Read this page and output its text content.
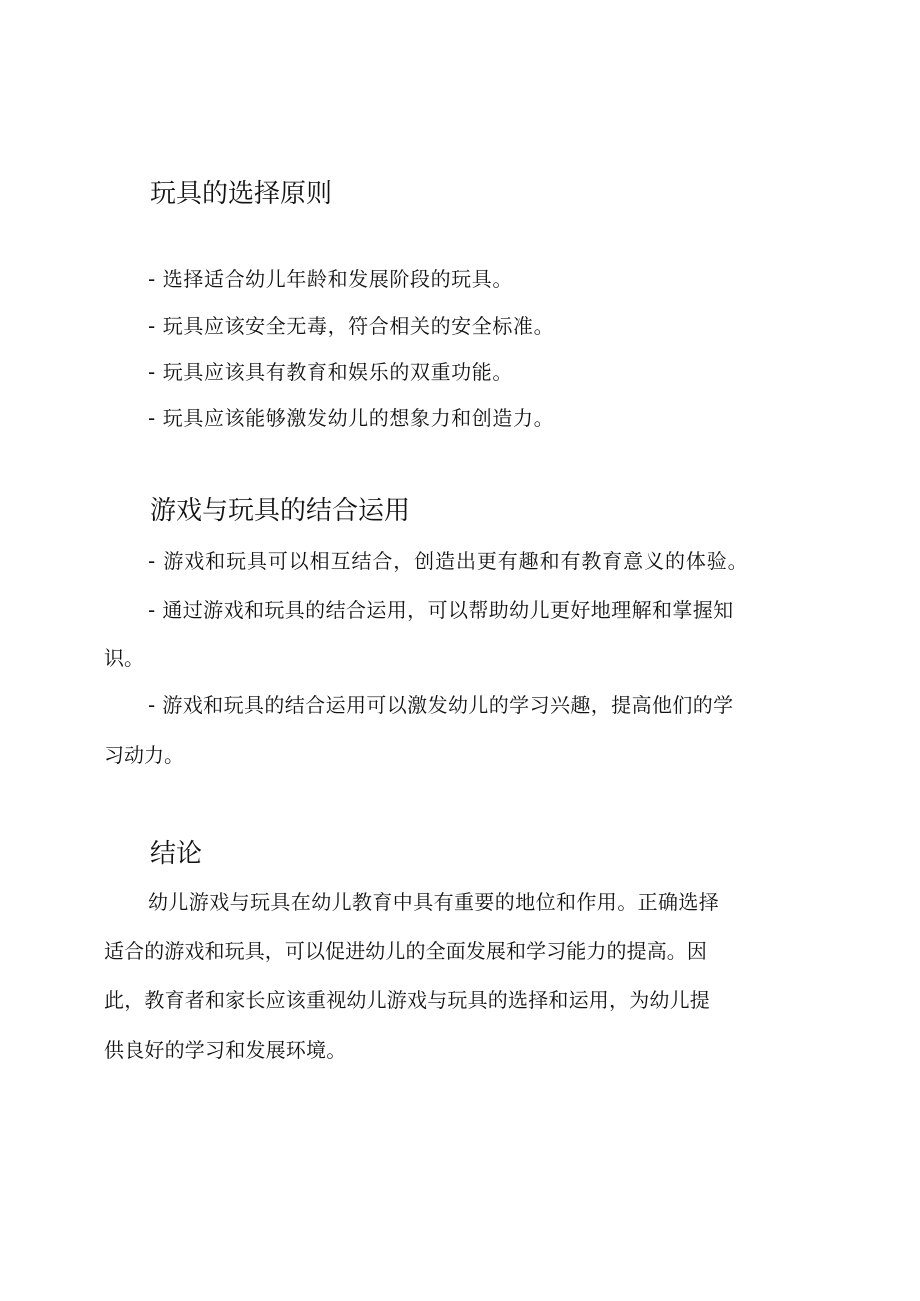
玩具的选择原则
- 选择适合幼儿年龄和发展阶段的玩具。
- 玩具应该安全无毒，符合相关的安全标准。
- 玩具应该具有教育和娱乐的双重功能。
- 玩具应该能够激发幼儿的想象力和创造力。
游戏与玩具的结合运用
- 游戏和玩具可以相互结合，创造出更有趣和有教育意义的体验。
- 通过游戏和玩具的结合运用，可以帮助幼儿更好地理解和掌握知
识。
- 游戏和玩具的结合运用可以激发幼儿的学习兴趣，提高他们的学
习动力。
结论
幼儿游戏与玩具在幼儿教育中具有重要的地位和作用。正确选择
适合的游戏和玩具，可以促进幼儿的全面发展和学习能力的提高。因
此，教育者和家长应该重视幼儿游戏与玩具的选择和运用，为幼儿提
供良好的学习和发展环境。
